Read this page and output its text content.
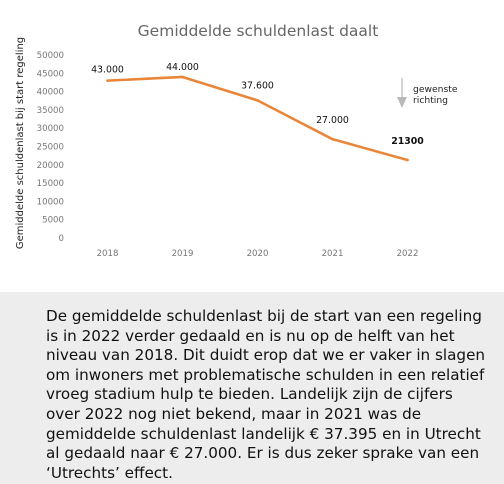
Gemiddelde schuldenlast daalt
Gemiddelde schuldenlast bij start regeling	0
5000
10000
15000
20000
25000
30000
35000
40000
45000
50000
2018	2019	2020	2021	2022
43.000	44.000
37.600
27.000
21300
gewenste
richting

De gemiddelde schuldenlast bij de start van een regeling is in 2022 verder gedaald en is nu op de helft van het niveau van 2018. Dit duidt erop dat we er vaker in slagen om inwoners met problematische schulden in een relatief vroeg stadium hulp te bieden. Landelijk zijn de cijfers over 2022 nog niet bekend, maar in 2021 was de gemiddelde schuldenlast landelijk € 37.395 en in Utrecht al gedaald naar € 27.000. Er is dus zeker sprake van een ‘Utrechts’ effect.
